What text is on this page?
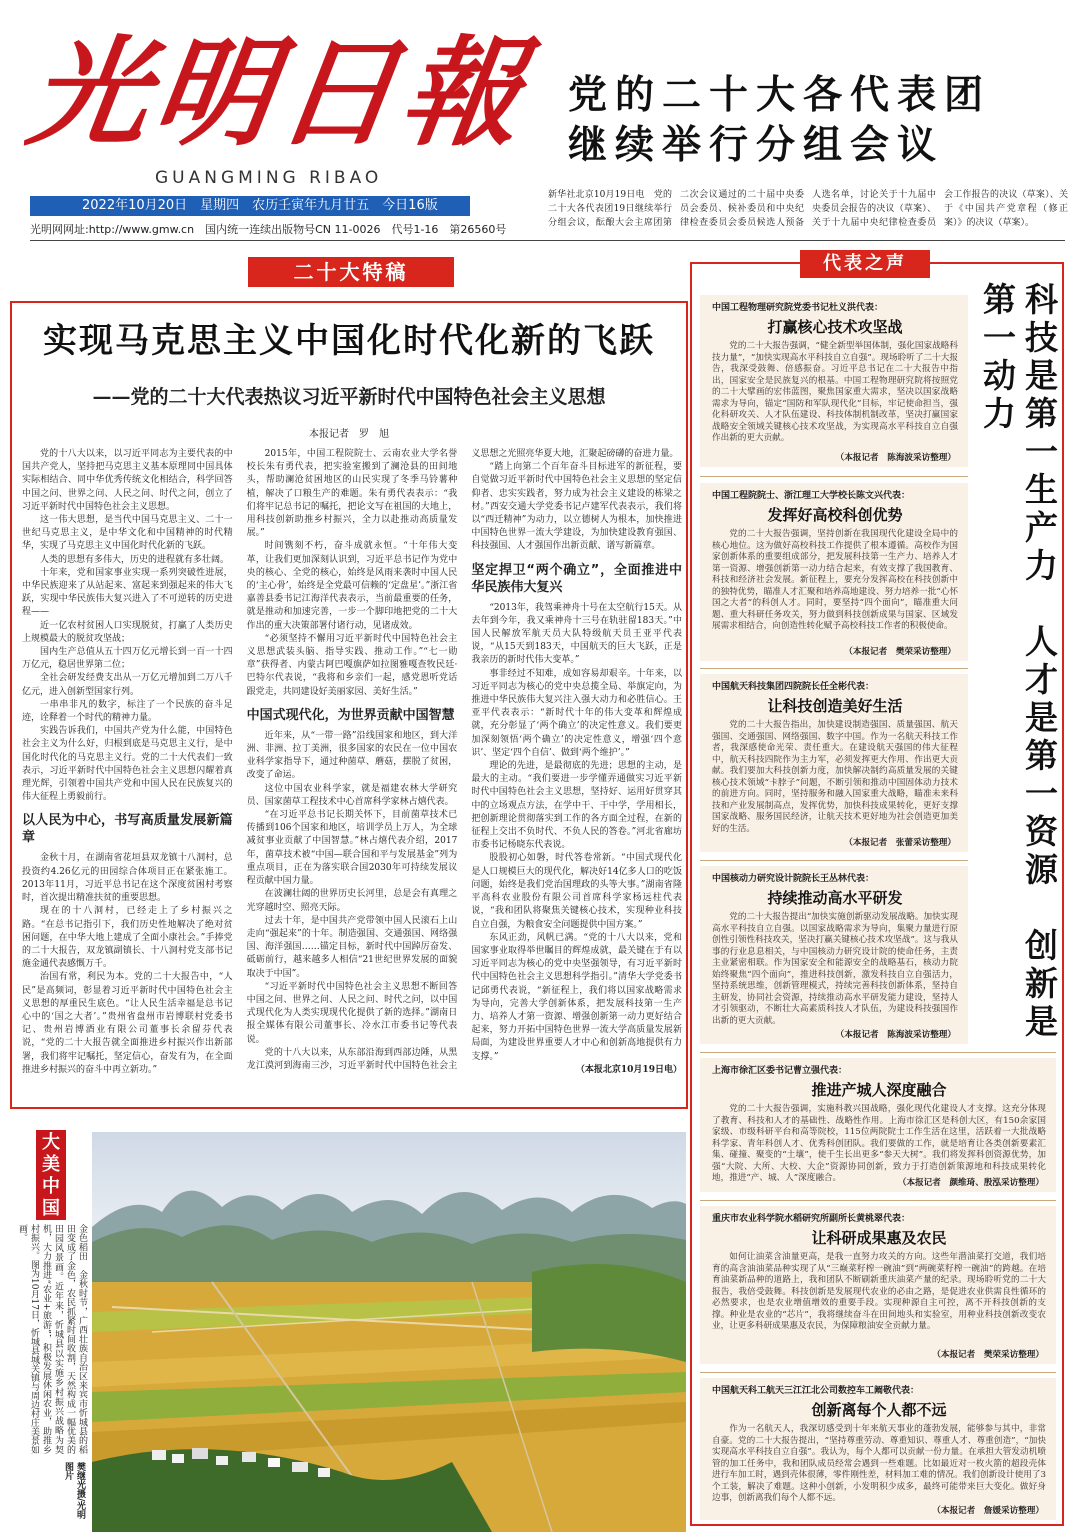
光明日報
GUANGMING RIBAO
2022年10月20日　星期四　农历壬寅年九月廿五　今日16版
光明网网址:http://www.gmw.cn　国内统一连续出版物号CN 11-0026　代号1-16　第26560号
党的二十大各代表团
继续举行分组会议
新华社北京10月19日电　党的二十大各代表团19日继续举行分组会议，酝酿大会主席团第二次会议通过的二十届中央委员会委员、候补委员和中央纪律检查委员会委员候选人预备人选名单，讨论关于十九届中央委员会报告的决议（草案）、关于十九届中央纪律检查委员会工作报告的决议（草案）、关于《中国共产党章程（修正案）》的决议（草案）。
二十大特稿
实现马克思主义中国化时代化新的飞跃
——党的二十大代表热议习近平新时代中国特色社会主义思想
本报记者　罗　旭

党的十八大以来，以习近平同志为主要代表的中国共产党人，坚持把马克思主义基本原理同中国具体实际相结合、同中华优秀传统文化相结合，科学回答中国之问、世界之问、人民之问、时代之问，创立了习近平新时代中国特色社会主义思想。

这一伟大思想，是当代中国马克思主义、二十一世纪马克思主义，是中华文化和中国精神的时代精华，实现了马克思主义中国化时代化新的飞跃。

人类的思想有多伟大，历史的进程就有多壮阔。

十年来，党和国家事业实现一系列突破性进展，中华民族迎来了从站起来、富起来到强起来的伟大飞跃，实现中华民族伟大复兴进入了不可逆转的历史进程——

近一亿农村贫困人口实现脱贫，打赢了人类历史上规模最大的脱贫攻坚战；

国内生产总值从五十四万亿元增长到一百一十四万亿元，稳居世界第二位；

全社会研发经费支出从一万亿元增加到二万八千亿元，进入创新型国家行列。

一串串非凡的数字，标注了一个民族的奋斗足迹，诠释着一个时代的精神力量。

实践告诉我们，中国共产党为什么能，中国特色社会主义为什么好，归根到底是马克思主义行，是中国化时代化的马克思主义行。党的二十大代表们一致表示，习近平新时代中国特色社会主义思想闪耀着真理光辉，引领着中国共产党和中国人民在民族复兴的伟大征程上勇毅前行。

以人民为中心，书写高质量发展新篇章

金秋十月，在湖南省花垣县双龙镇十八洞村，总投资约4.26亿元的田园综合体项目正在紧张施工。2013年11月，习近平总书记在这个深度贫困村考察时，首次提出精准扶贫的重要思想。

现在的十八洞村，已经走上了乡村振兴之路。“在总书记指引下，我们历史性地解决了绝对贫困问题，在中华大地上建成了全面小康社会。”手捧党的二十大报告，双龙镇副镇长、十八洞村党支部书记施金通代表感慨万千。

治国有常，利民为本。党的二十大报告中，“人民”是高频词，彰显着习近平新时代中国特色社会主义思想的厚重民生底色。“让人民生活幸福是总书记心中的‘国之大者’。”贵州省盘州市岩博联村党委书记、贵州岩博酒业有限公司董事长余留芬代表说，“党的二十大报告就全面推进乡村振兴作出新部署，我们将牢记嘱托，坚定信心，奋发有为，在全面推进乡村振兴的奋斗中再立新功。”

2015年，中国工程院院士、云南农业大学名誉校长朱有勇代表，把实验室搬到了澜沧县的田间地头，帮助澜沧贫困地区的山民实现了冬季马铃薯种植，解决了口粮生产的难题。朱有勇代表表示：“我们将牢记总书记的嘱托，把论文写在祖国的大地上，用科技创新助推乡村振兴，全力以赴推动高质量发展。”

时间镌刻不朽，奋斗成就永恒。“十年伟大变革，让我们更加深刻认识到，习近平总书记作为党中央的核心、全党的核心，始终是风雨来袭时中国人民的‘主心骨’，始终是全党最可信赖的‘定盘星’。”浙江省嘉善县委书记江海洋代表表示，当前最重要的任务，就是推动和加速完善，一步一个脚印地把党的二十大作出的重大决策部署付诸行动，见诸成效。

“必须坚持不懈用习近平新时代中国特色社会主义思想武装头脑、指导实践、推动工作。”“七一勋章”获得者、内蒙古阿巴嘎旗萨如拉图雅嘎查牧民廷·巴特尔代表说，“我将和乡亲们一起，感党恩听党话跟党走，共同建设好美丽家园、美好生活。”

中国式现代化，为世界贡献中国智慧

近年来，从“一带一路”沿线国家和地区，到大洋洲、非洲、拉丁美洲，很多国家的农民在一位中国农业科学家指导下，通过种菌草、蘑菇，摆脱了贫困，改变了命运。

这位中国农业科学家，就是福建农林大学研究员、国家菌草工程技术中心首席科学家林占熺代表。

“在习近平总书记长期关怀下，目前菌草技术已传播到106个国家和地区，培训学员上万人，为全球减贫事业贡献了中国智慧。”林占熺代表介绍，2017年，菌草技术被“中国—联合国和平与发展基金”列为重点项目，正在为落实联合国2030年可持续发展议程贡献中国力量。

在波澜壮阔的世界历史长河里，总是会有真理之光穿越时空、照亮天际。

过去十年，是中国共产党带领中国人民滚石上山走向“强起来”的十年。制造强国、交通强国、网络强国、海洋强国……锚定目标，新时代中国踔厉奋发、砥砺前行，越来越多人相信“21世纪世界发展的面貌取决于中国”。

“习近平新时代中国特色社会主义思想不断回答中国之问、世界之问、人民之问、时代之问，以中国式现代化为人类实现现代化提供了新的选择。”湖南日报全媒体有限公司董事长、冷水江市委书记等代表说。

党的十八大以来，从东部沿海到西部边陲，从黑龙江漠河到海南三沙，习近平新时代中国特色社会主义思想之光照亮华夏大地，汇聚起磅礴的奋进力量。

“踏上向第二个百年奋斗目标进军的新征程，要自觉做习近平新时代中国特色社会主义思想的坚定信仰者、忠实实践者，努力成为社会主义建设的栋梁之材。”西安交通大学党委书记卢建军代表表示，我们将以“西迁精神”为动力，以立德树人为根本，加快推进中国特色世界一流大学建设，为加快建设教育强国、科技强国、人才强国作出新贡献、谱写新篇章。

坚定捍卫“两个确立”，全面推进中华民族伟大复兴

“2013年，我驾乘神舟十号在太空航行15天。从去年到今年，我又乘神舟十三号在轨驻留183天。”中国人民解放军航天员大队特级航天员王亚平代表说，“从15天到183天，中国航天的巨大飞跃，正是我亲历的新时代伟大变革。”

事非经过不知难，成如容易却艰辛。十年来，以习近平同志为核心的党中央总揽全局、举旗定向，为推进中华民族伟大复兴注入强大动力和必胜信心。王亚平代表表示：“新时代十年的伟大变革和辉煌成就，充分彰显了‘两个确立’的决定性意义。我们要更加深刻领悟‘两个确立’的决定性意义，增强‘四个意识’、坚定‘四个自信’、做到‘两个维护’。”

理论的先进，是最彻底的先进；思想的主动，是最大的主动。“我们要进一步学懂弄通做实习近平新时代中国特色社会主义思想，坚持好、运用好贯穿其中的立场观点方法，在学中干、干中学，学用相长，把创新理论贯彻落实到工作的各方面全过程，在新的征程上交出不负时代、不负人民的答卷。”河北省廊坊市委书记杨晓东代表说。

股股初心如磐，时代答卷常新。“中国式现代化是人口规模巨大的现代化，解决好14亿多人口的吃饭问题，始终是我们党治国理政的头等大事。”湖南省隆平高科农业股份有限公司首席科学家杨远柱代表说，“我和团队将聚焦关键核心技术，实现种业科技自立自强，为粮食安全问题提供中国方案。”

东风正劲，风帆已满。“党的十八大以来，党和国家事业取得举世瞩目的辉煌成就，最关键在于有以习近平同志为核心的党中央坚强领导，有习近平新时代中国特色社会主义思想科学指引。”清华大学党委书记邱勇代表说，“新征程上，我们将以国家战略需求为导向，完善大学创新体系，把发展科技第一生产力、培养人才第一资源、增强创新第一动力更好结合起来，努力开拓中国特色世界一流大学高质量发展新局面，为建设世界重要人才中心和创新高地提供有力支撑。”

（本报北京10月19日电）

大美中国
金色稻田　金秋时节，广西壮族自治区来宾市忻城县的稻田变成了金色，农民抓紧时间收割，天然构成一幅优美的田园风景画。近年来，忻城县以实施乡村振兴战略为契机，大力推进“农业+旅游”，积极发展休闲农业，助推乡村振兴。图为10月17日，忻城县城关镇与周边村庄美景如画。
樊继光摄/光明图片
代表之声
科技是第一生产力　人才是第一资源　创新是第一动力
中国工程物理研究院党委书记杜义洪代表：
打赢核心技术攻坚战
党的二十大报告强调，“健全新型举国体制，强化国家战略科技力量”，“加快实现高水平科技自立自强”。现场聆听了二十大报告，我深受鼓舞、倍感振奋。习近平总书记在二十大报告中指出，国家安全是民族复兴的根基。中国工程物理研究院将按照党的二十大擘画的宏伟蓝图，聚焦国家重大需求，坚决以国家战略需求为导向，锚定“国防和军队现代化”目标，牢记使命担当，强化科研攻关、人才队伍建设、科技体制机制改革，坚决打赢国家战略安全领域关键核心技术攻坚战，为实现高水平科技自立自强作出新的更大贡献。
（本报记者　陈海波采访整理）
中国工程院院士、浙江理工大学校长陈文兴代表：
发挥好高校科创优势
党的二十大报告强调，坚持创新在我国现代化建设全局中的核心地位。这为做好高校科技工作提供了根本遵循。高校作为国家创新体系的重要组成部分，把发展科技第一生产力、培养人才第一资源、增强创新第一动力结合起来，有效支撑了我国教育、科技和经济社会发展。新征程上，要充分发挥高校在科技创新中的独特优势，瞄准人才汇聚和培养高地建设、努力培养一批“心怀国之大者”的科创人才。同时，要坚持“四个面向”，瞄准重大问题、重大科研任务攻关，努力做到科技创新成果与国家、区域发展需求相结合，向创造性转化赋予高校科技工作者的积极使命。
（本报记者　樊荣采访整理）
中国航天科技集团四院院长任全彬代表：
让科技创造美好生活
党的二十大报告指出，加快建设制造强国、质量强国、航天强国、交通强国、网络强国、数字中国。作为一名航天科技工作者，我深感使命光荣、责任重大。在建设航天强国的伟大征程中，航天科技四院作为主力军，必须发挥更大作用、作出更大贡献。我们要加大科技创新力度，加快解决制约高质量发展的关键核心技术领域“卡脖子”问题，不断引领和推动中国固体动力技术的前进方向。同时，坚持服务和融入国家重大战略，瞄准未来科技和产业发展制高点，发挥优势，加快科技成果转化，更好支撑国家战略、服务国民经济，让航天技术更好地为社会创造更加美好的生活。
（本报记者　张蕾采访整理）
中国核动力研究设计院院长王丛林代表：
持续推动高水平研发
党的二十大报告提出“加快实施创新驱动发展战略。加快实现高水平科技自立自强。以国家战略需求为导向，集聚力量进行原创性引领性科技攻关，坚决打赢关键核心技术攻坚战”。这与我从事的行业息息相关，与中国核动力研究设计院的使命任务，主责主业紧密相联。作为国家安全和能源安全的战略基石，核动力院始终聚焦“四个面向”，推进科技创新，激发科技自立自强活力，坚持系统思维，创新管理模式，持续完善科技创新体系，坚持自主研发，协同社会资源，持续推动高水平研发能力建设，坚持人才引领驱动，不断壮大高素质科技人才队伍，为建设科技强国作出新的更大贡献。
（本报记者　陈海波采访整理）
上海市徐汇区委书记曹立强代表：
推进产城人深度融合
党的二十大报告强调，实施科教兴国战略，强化现代化建设人才支撑。这充分体现了教育、科技和人才的基础性、战略性作用。上海市徐汇区是科创大区，有150余家国家级、市级科研平台和高等院校，115位两院院士工作生活在这里，活跃着一大批战略科学家、青年科创人才、优秀科创团队。我们要做的工作，就是培育让各类创新要素汇集、碰撞、聚变的“土壤”，使千生长出更多“参天大树”。我们将发挥科创资源优势，加强“大院、大所、大校、大企”资源协同创新，致力于打造创新策源地和科技成果转化地，推进“产、城、人”深度融合。	（本报记者　颜维琦、殷泓采访整理）
重庆市农业科学院水稻研究所副所长黄桃翠代表：
让科研成果惠及农民
如何让油菜含油量更高，是我一直努力攻关的方向。这些年潜油菜打交道，我们培育的高含油油菜品种实现了从“三巅菜籽榨一碗油”到“两碗菜籽榨一碗油”的跨越。在培育油菜新品种的道路上，我和团队不断刷新重庆油菜产量的纪录。现场聆听党的二十大报告，我倍受鼓舞。科技创新是发展现代农业的必由之路，是促进农业供需良性循环的必然要求，也是农业增值增效的重要手段。实现种源自主可控，离不开科技创新的支撑。种业是农业的“芯片”，我将继续奋斗在田间地头和实验室，用种业科技创新改变农业，让更多科研成果惠及农民，为保障粮油安全贡献力量。
（本报记者　樊荣采访整理）
中国航天科工航天三江江北公司数控车工阚敬代表：
创新离每个人都不远
作为一名航天人，我深切感受到十年来航天事业的蓬勃发展，能够参与其中，非常自豪。党的二十大报告提出，“坚持尊重劳动、尊重知识、尊重人才、尊重创造”，“加快实现高水平科技自立自强”。我认为，每个人都可以贡献一份力量。在承担大管发动机喷管的加工任务中，我和团队成员经常会遇到一些难题。比如最近对一枚火箭的超段壳体进行车加工时，遇到壳体很薄，零件刚性差，材料加工难的情况。我们创新设计使用了3个工装，解决了难题。这种小创新，小发明积少成多，最终可能带来巨大变化。做好身边事，创新离我们每个人都不远。
（本报记者　詹媛采访整理）
